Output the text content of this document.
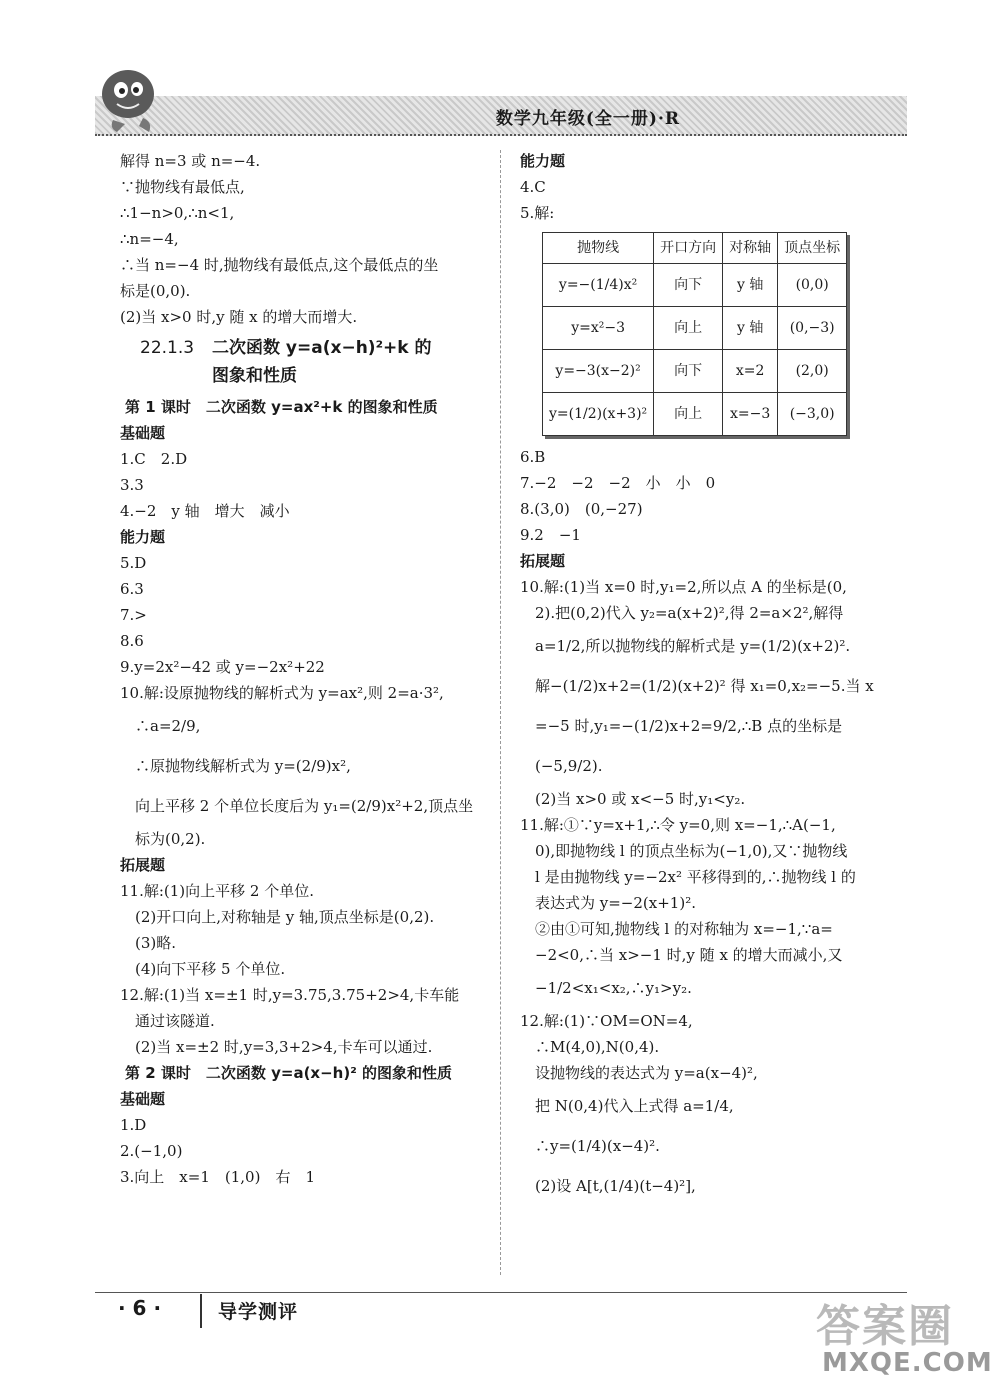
数学九年级(全一册)·R
解得 n=3 或 n=−4.
∵抛物线有最低点,
∴1−n>0,∴n<1,
∴n=−4,
∴当 n=−4 时,抛物线有最低点,这个最低点的坐
标是(0,0).
(2)当 x>0 时,y 随 x 的增大而增大.
22.1.3 二次函数 y=a(x−h)²+k 的
图象和性质
第 1 课时　二次函数 y=ax²+k 的图象和性质
基础题
1.C　2.D
3.3
4.−2　y 轴　增大　减小
能力题
5.D
6.3
7.>
8.6
9.y=2x²−42 或 y=−2x²+22
10.解:设原抛物线的解析式为 y=ax²,则 2=a·3²,
　∴a=2/9,
　∴原抛物线解析式为 y=(2/9)x²,
　向上平移 2 个单位长度后为 y₁=(2/9)x²+2,顶点坐
　标为(0,2).
拓展题
11.解:(1)向上平移 2 个单位.
　(2)开口向上,对称轴是 y 轴,顶点坐标是(0,2).
　(3)略.
　(4)向下平移 5 个单位.
12.解:(1)当 x=±1 时,y=3.75,3.75+2>4,卡车能
　通过该隧道.
　(2)当 x=±2 时,y=3,3+2>4,卡车可以通过.
第 2 课时　二次函数 y=a(x−h)² 的图象和性质
基础题
1.D
2.(−1,0)
3.向上　x=1　(1,0)　右　1
能力题
4.C
5.解:
抛物线	开口方向	对称轴	顶点坐标
y=−(1/4)x²	向下	y 轴	(0,0)
y=x²−3	向上	y 轴	(0,−3)
y=−3(x−2)²	向下	x=2	(2,0)
y=(1/2)(x+3)²	向上	x=−3	(−3,0)
6.B
7.−2　−2　−2　小　小　0
8.(3,0)　(0,−27)
9.2　−1
拓展题
10.解:(1)当 x=0 时,y₁=2,所以点 A 的坐标是(0,
　2).把(0,2)代入 y₂=a(x+2)²,得 2=a×2²,解得
　a=1/2,所以抛物线的解析式是 y=(1/2)(x+2)².
　解−(1/2)x+2=(1/2)(x+2)² 得 x₁=0,x₂=−5.当 x
　=−5 时,y₁=−(1/2)x+2=9/2,∴B 点的坐标是
　(−5,9/2).
　(2)当 x>0 或 x<−5 时,y₁<y₂.
11.解:①∵y=x+1,∴令 y=0,则 x=−1,∴A(−1,
　0),即抛物线 l 的顶点坐标为(−1,0),又∵抛物线
　l 是由抛物线 y=−2x² 平移得到的,∴抛物线 l 的
　表达式为 y=−2(x+1)².
　②由①可知,抛物线 l 的对称轴为 x=−1,∵a=
　−2<0,∴当 x>−1 时,y 随 x 的增大而减小,又
　−1/2<x₁<x₂,∴y₁>y₂.
12.解:(1)∵OM=ON=4,
　∴M(4,0),N(0,4).
　设抛物线的表达式为 y=a(x−4)²,
　把 N(0,4)代入上式得 a=1/4,
　∴y=(1/4)(x−4)².
　(2)设 A[t,(1/4)(t−4)²],
· 6 ·	导学测评	答案圈
MXQE.COM
